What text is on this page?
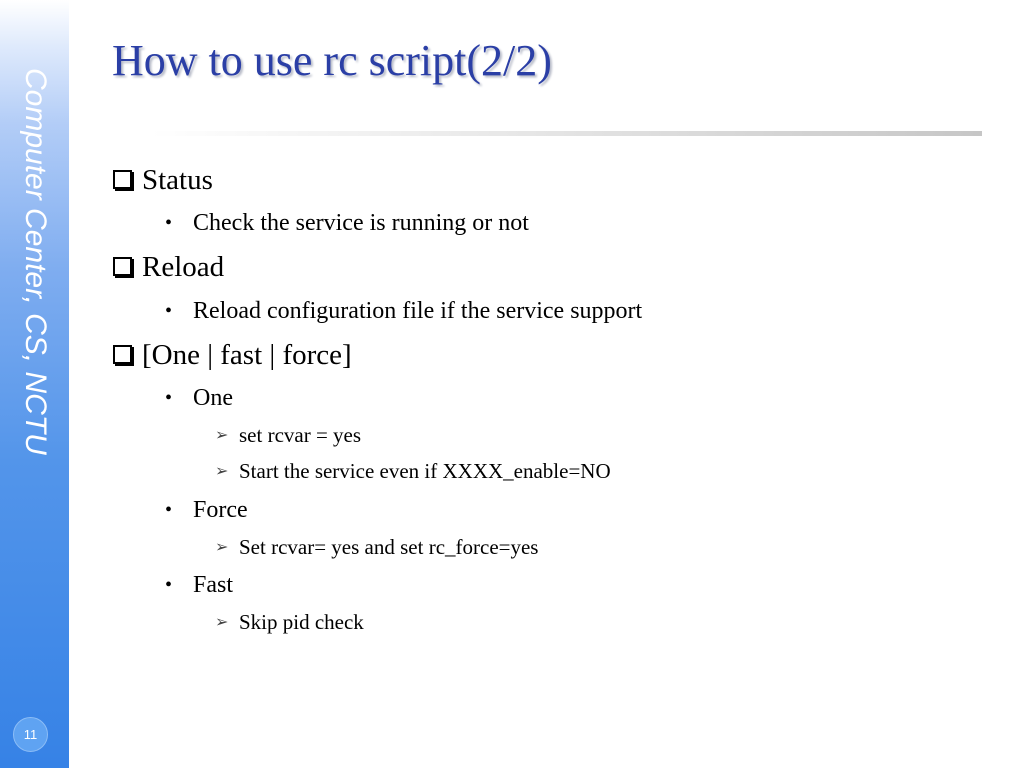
Computer Center, CS, NCTU
11
How to use rc script(2/2)
Status
• Check the service is running or not
Reload
• Reload configuration file if the service support
[One | fast | force]
• One
➢ set rcvar = yes
➢ Start the service even if XXXX_enable=NO
• Force
➢ Set rcvar= yes and set rc_force=yes
• Fast
➢ Skip pid check
